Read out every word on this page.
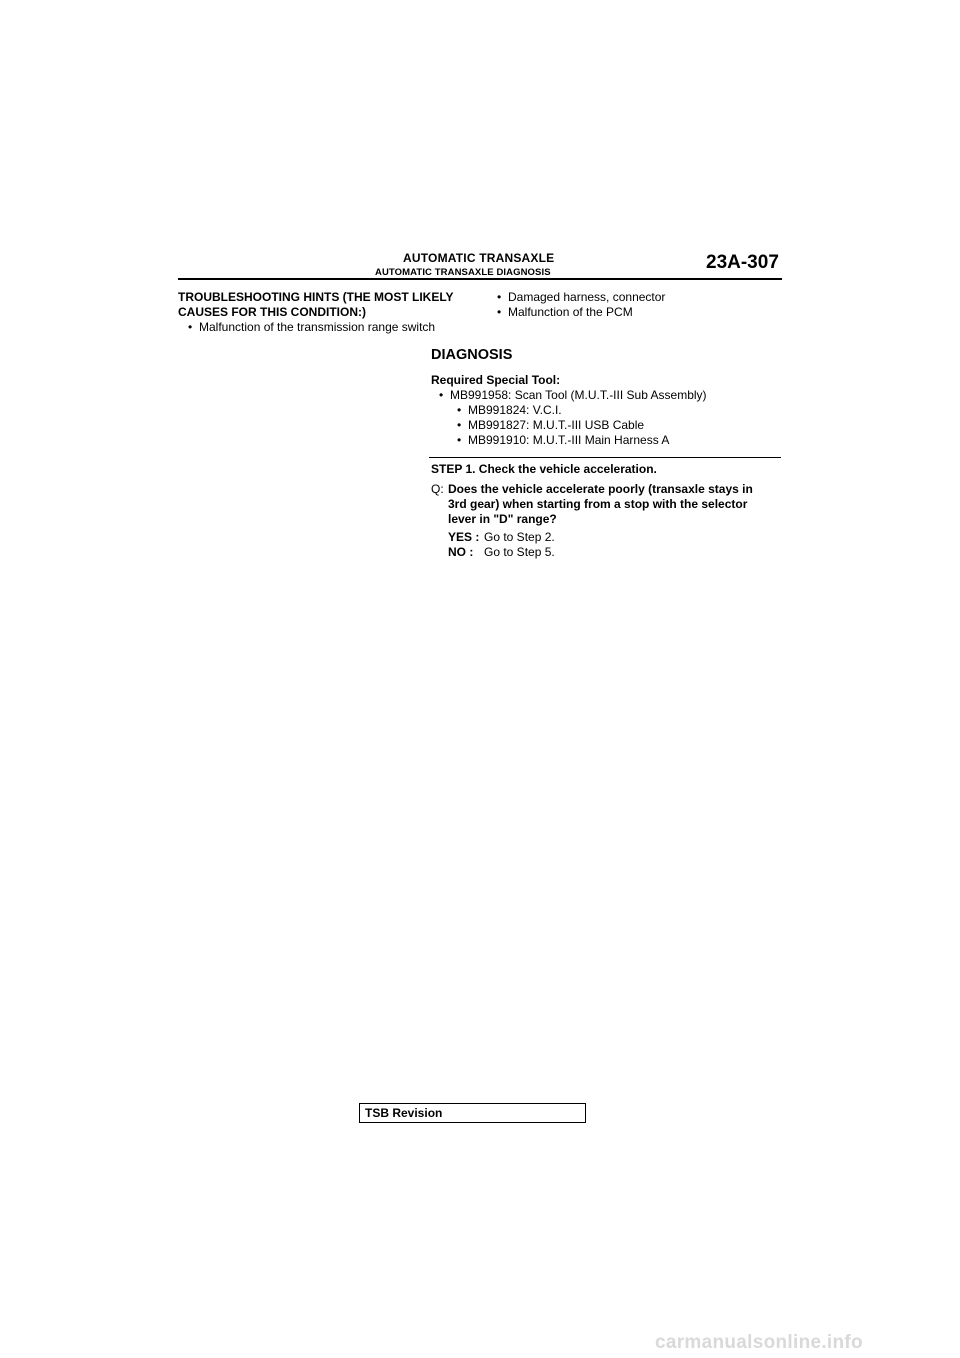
AUTOMATIC TRANSAXLE
AUTOMATIC TRANSAXLE DIAGNOSIS	23A-307
TROUBLESHOOTING HINTS (THE MOST LIKELY
CAUSES FOR THIS CONDITION:)
• Malfunction of the transmission range switch
• Damaged harness, connector
• Malfunction of the PCM
DIAGNOSIS
Required Special Tool:
• MB991958: Scan Tool (M.U.T.-III Sub Assembly)
• MB991824: V.C.I.
• MB991827: M.U.T.-III USB Cable
• MB991910: M.U.T.-III Main Harness A
STEP 1. Check the vehicle acceleration.
Q: Does the vehicle accelerate poorly (transaxle stays in
3rd gear) when starting from a stop with the selector
lever in "D" range?
YES : Go to Step 2.
NO : Go to Step 5.
TSB Revision
carmanualsonline.info
